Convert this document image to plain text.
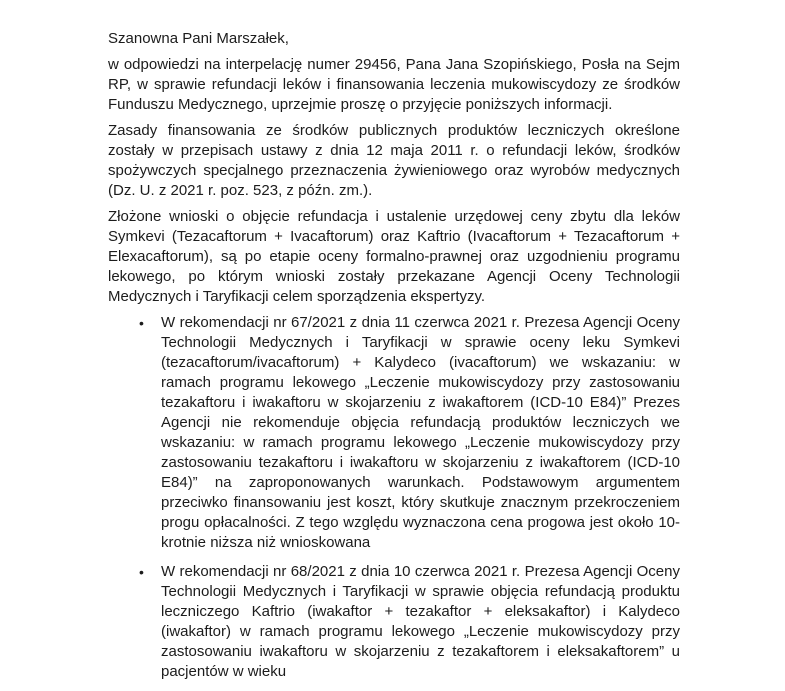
Szanowna Pani Marszałek,

w odpowiedzi na interpelację numer 29456, Pana Jana Szopińskiego, Posła na Sejm RP, w sprawie refundacji leków i finansowania leczenia mukowiscydozy ze środków Funduszu Medycznego, uprzejmie proszę o przyjęcie poniższych informacji.

Zasady finansowania ze środków publicznych produktów leczniczych określone zostały w przepisach ustawy z dnia 12 maja 2011 r. o refundacji leków, środków spożywczych specjalnego przeznaczenia żywieniowego oraz wyrobów medycznych (Dz. U. z 2021 r. poz. 523, z późn. zm.).

Złożone wnioski o objęcie refundacja i ustalenie urzędowej ceny zbytu dla leków Symkevi (Tezacaftorum + Ivacaftorum) oraz Kaftrio (Ivacaftorum + Tezacaftorum + Elexacaftorum), są po etapie oceny formalno-prawnej oraz uzgodnieniu programu lekowego, po którym wnioski zostały przekazane Agencji Oceny Technologii Medycznych i Taryfikacji celem sporządzenia ekspertyzy.

• W rekomendacji nr 67/2021 z dnia 11 czerwca 2021 r. Prezesa Agencji Oceny Technologii Medycznych i Taryfikacji w sprawie oceny leku Symkevi (tezacaftorum/ivacaftorum) + Kalydeco (ivacaftorum) we wskazaniu: w ramach programu lekowego „Leczenie mukowiscydozy przy zastosowaniu tezakaftoru i iwakaftoru w skojarzeniu z iwakaftorem (ICD-10 E84)” Prezes Agencji nie rekomenduje objęcia refundacją produktów leczniczych we wskazaniu: w ramach programu lekowego „Leczenie mukowiscydozy przy zastosowaniu tezakaftoru i iwakaftoru w skojarzeniu z iwakaftorem (ICD-10 E84)” na zaproponowanych warunkach. Podstawowym argumentem przeciwko finansowaniu jest koszt, który skutkuje znacznym przekroczeniem progu opłacalności. Z tego względu wyznaczona cena progowa jest około 10-krotnie niższa niż wnioskowana
• W rekomendacji nr 68/2021 z dnia 10 czerwca 2021 r. Prezesa Agencji Oceny Technologii Medycznych i Taryfikacji w sprawie objęcia refundacją produktu leczniczego Kaftrio (iwakaftor + tezakaftor + eleksakaftor) i Kalydeco (iwakaftor) w ramach programu lekowego „Leczenie mukowiscydozy przy zastosowaniu iwakaftoru w skojarzeniu z tezakaftorem i eleksakaftorem” u pacjentów w wieku
